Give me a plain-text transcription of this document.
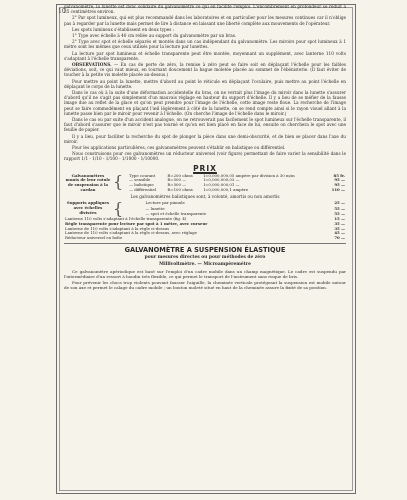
10

galvanomètre, la lunette est donc solidaire du galvanomètre ce qui en facilite l'emploi. L'encombrement en profondeur se réduit à 35 centimètres environ.

2° Par spot lumineux, qui est plus recommandé dans les laboratoires et en particulier pour les mesures continues car il n'oblige pas à regarder par la lunette mais permet de lire à distance en laissant une liberté complète aux mouvements de l'opérateur.

Les spots lumineux s'établissent en deux types :

1° Type avec échelle à 40 cm reliée au support du galvanomètre par un bras.

2° Type avec spot et échelle séparés et montés dans un cas indépendant du galvanomètre. Les miroirs pour spot lumineux à 1 mètre sont les mêmes que ceux utilisés pour la lecture par lunettes.

La lecture par spot lumineux et échelle transparente peut être montée, moyennant un supplément, avec lanterne 110 volts s'adaptant à l'échelle transparente.

OBSERVATIONS. — En cas de perte de zéro, la remise à zéro peut se faire soit en déplaçant l'échelle pour les faibles déviations, soit, ce qui vaut mieux, en tournant doucement la bague moletée placée au sommet de l'ébénisterie. (Il faut éviter de toucher à la petite vis molette placée au-dessus.)

Pour mettre au point la lunette, mettre d'abord au point le réticule en déplaçant l'oculaire, puis mettre au point l'échelle en déplaçant le corps de la lunette.

Dans le cas où à la suite d'une déformation accidentelle du bras, on ne verrait plus l'image du miroir dans la lunette s'assurer d'abord qu'il ne s'agit pas simplement d'un mauvais réglage en hauteur du support d'échelle. Il y a lieu de se méfier de la fausse image due au reflet de la glace et qu'on peut prendre pour l'image de l'échelle, cette image reste floue. La recherche de l'image peut se faire commodément en plaçant l'œil légèrement à côté de la lunette, on se rend compte ainsi si le rayon visuel allant à la lunette passe bien par le miroir pour revenir à l'échelle. (On cherche l'image de l'échelle dans le miroir.)

Dans le cas ou par suite d'un accident analogue, on ne retrouverait pas facilement le spot lumineux sur l'échelle transparente, il faut d'abord s'assurer que le miroir n'est pas tourné et qu'on est bien placé en face de lui, ensuite on cherchera le spot avec une feuille de papier.

Il y a lieu, pour faciliter la recherche du spot de plonger la pièce dans une demi-obscurité, et de bien se placer dans l'axe du miroir.

Pour les applications particulières, ces galvanomètres peuvent s'établir en balistique ou différentiel.

Nous construisons pour ces galvanomètres un réducteur universel (voir figure) permettant de faire varier la sensibilité dans le rapport 1/1 - 1/10 - 1/100 - 1/1000 - 1/10000.

PRIX
Galvanomètres munis de leur rotule de suspension à la cardan	{	Type courant	R=200 ohms	I=0,000,000,05 ampère par division à 30 m/m	85 fr.
		— sensible	R=500 —	I=0,000,000,03 —	95 —
		— balistique	R=500 —	I=0,000,000,01 —	95 —
		— différentiel	R=100 ohms	I=0,000,000,1 ampère	110 —

Les galvanomètres balistiques sont, à volonté, amortis ou non amortis

Supports appliques avec échelles divisées	{	Lecture par pinnule	25 —
		— lunette	55 —
		— spot et échelle transparente	55 —
Lanterne 110 volts s'adaptant à l'échelle transparente (fig. 4)	15 —
Règle transparente pour lecture par spot à 1 mètre, avec curseur	35 —
Lanterne de 110 volts s'adaptant à la règle ci-dessus	35 —
Lanterne de 110 volts s'adaptant à la règle ci-dessus, avec réglage	45 —
Réducteur universel en boîte	70 —
GALVANOMÈTRE A SUSPENSION ÉLASTIQUE
pour mesures directes ou pour méthodes de zéro
Millivoltmètre. — Microampèremètre

Ce galvanomètre apériodique est basé sur l'emploi d'un cadre mobile dans un champ magnétique. Le cadre est suspendu par l'intermédiaire d'un ressort à boudin très flexible, ce qui permet le transport de l'instrument sans risque de bris.

Pour prévenir les chocs trop violents pouvant fausser l'aiguille, la cheminée verticale protégeant la suspension est mobile autour de son axe et permet le calage du cadre mobile ; un bouton moleté situé en haut de la cheminée assure la fixité de sa position.
